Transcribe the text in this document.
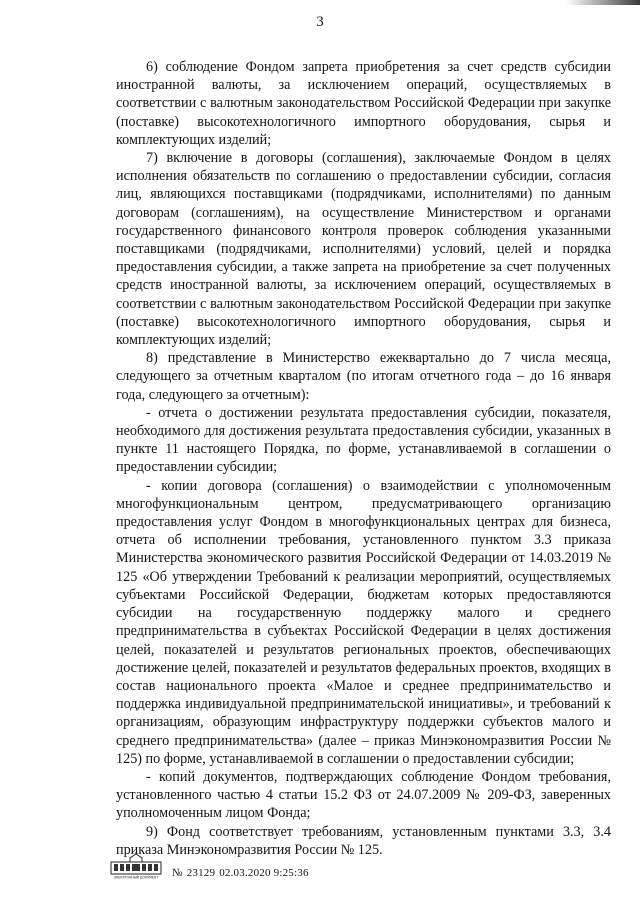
3

6) соблюдение Фондом запрета приобретения за счет средств субсидии иностранной валюты, за исключением операций, осуществляемых в соответствии с валютным законодательством Российской Федерации при закупке (поставке) высокотехнологичного импортного оборудования, сырья и комплектующих изделий;

7) включение в договоры (соглашения), заключаемые Фондом в целях исполнения обязательств по соглашению о предоставлении субсидии, согласия лиц, являющихся поставщиками (подрядчиками, исполнителями) по данным договорам (соглашениям), на осуществление Министерством и органами государственного финансового контроля проверок соблюдения указанными поставщиками (подрядчиками, исполнителями) условий, целей и порядка предоставления субсидии, а также запрета на приобретение за счет полученных средств иностранной валюты, за исключением операций, осуществляемых в соответствии с валютным законодательством Российской Федерации при закупке (поставке) высокотехнологичного импортного оборудования, сырья и комплектующих изделий;

8) представление в Министерство ежеквартально до 7 числа месяца, следующего за отчетным кварталом (по итогам отчетного года – до 16 января года, следующего за отчетным):

- отчета о достижении результата предоставления субсидии, показателя, необходимого для достижения результата предоставления субсидии, указанных в пункте 11 настоящего Порядка, по форме, устанавливаемой в соглашении о предоставлении субсидии;

- копии договора (соглашения) о взаимодействии с уполномоченным многофункциональным центром, предусматривающего организацию предоставления услуг Фондом в многофункциональных центрах для бизнеса, отчета об исполнении требования, установленного пунктом 3.3 приказа Министерства экономического развития Российской Федерации от 14.03.2019 № 125 «Об утверждении Требований к реализации мероприятий, осуществляемых субъектами Российской Федерации, бюджетам которых предоставляются субсидии на государственную поддержку малого и среднего предпринимательства в субъектах Российской Федерации в целях достижения целей, показателей и результатов региональных проектов, обеспечивающих достижение целей, показателей и результатов федеральных проектов, входящих в состав национального проекта «Малое и среднее предпринимательство и поддержка индивидуальной предпринимательской инициативы», и требований к организациям, образующим инфраструктуру поддержки субъектов малого и среднего предпринимательства» (далее – приказ Минэкономразвития России № 125) по форме, устанавливаемой в соглашении о предоставлении субсидии;

- копий документов, подтверждающих соблюдение Фондом требования, установленного частью 4 статьи 15.2 ФЗ от 24.07.2009 № 209-ФЗ, заверенных уполномоченным лицом Фонда;

9) Фонд соответствует требованиям, установленным пунктами 3.3, 3.4 приказа Минэкономразвития России № 125.

ЭЛЕКТРОННЫЙ ДОКУМЕНТ № 23129 02.03.2020 9:25:36
